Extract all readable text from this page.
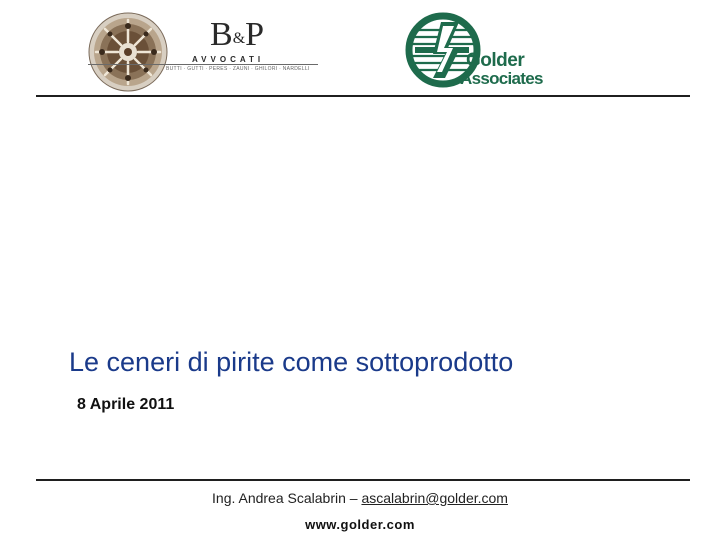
B&P
AVVOCATI
BUTTI · GUTTI · PERES · ZAUNI · GHILORI · NARDELLI	Golder
Associates
Le ceneri di pirite come sottoprodotto
8 Aprile 2011
Ing. Andrea Scalabrin – ascalabrin@golder.com
www.golder.com
